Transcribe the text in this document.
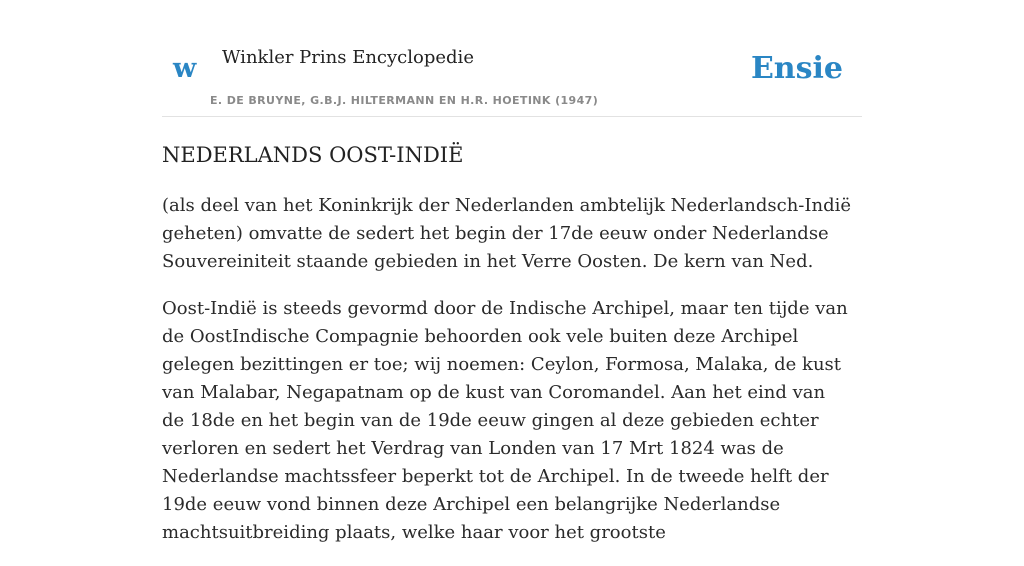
w Winkler Prins Encyclopedie
E. DE BRUYNE, G.B.J. HILTERMANN EN H.R. HOETINK (1947)
Ensie
NEDERLANDS OOST-INDIË

(als deel van het Koninkrijk der Nederlanden ambtelijk Nederlandsch-Indië geheten) omvatte de sedert het begin der 17de eeuw onder Nederlandse Souvereiniteit staande gebieden in het Verre Oosten. De kern van Ned.

Oost-Indië is steeds gevormd door de Indische Archipel, maar ten tijde van de OostIndische Compagnie behoorden ook vele buiten deze Archipel gelegen bezittingen er toe; wij noemen: Ceylon, Formosa, Malaka, de kust van Malabar, Negapatnam op de kust van Coromandel. Aan het eind van de 18de en het begin van de 19de eeuw gingen al deze gebieden echter verloren en sedert het Verdrag van Londen van 17 Mrt 1824 was de Nederlandse machtssfeer beperkt tot de Archipel. In de tweede helft der 19de eeuw vond binnen deze Archipel een belangrijke Nederlandse machtsuitbreiding plaats, welke haar voor het grootste
